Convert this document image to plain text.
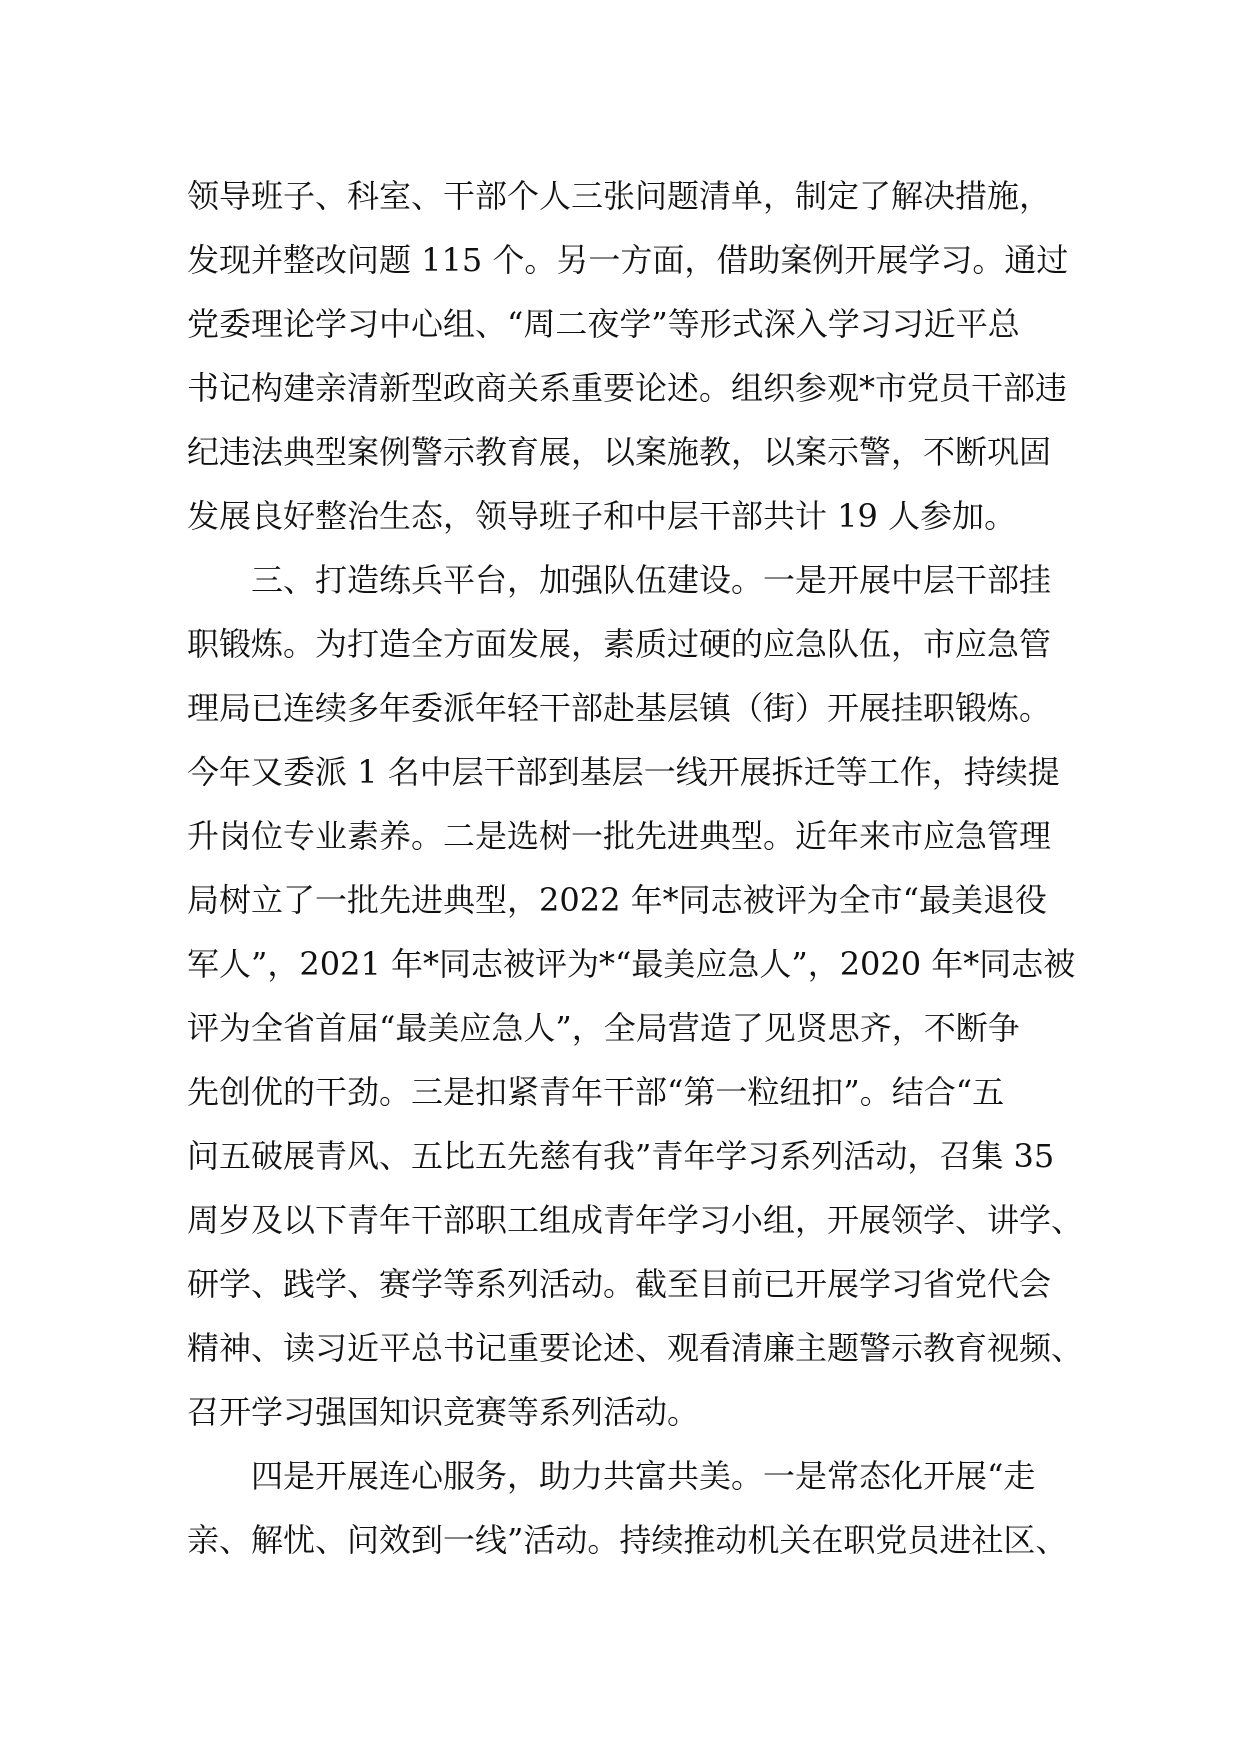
领导班子、科室、干部个人三张问题清单，制定了解决措施，
发现并整改问题 115 个。另一方面，借助案例开展学习。通过
党委理论学习中心组、“周二夜学”等形式深入学习习近平总
书记构建亲清新型政商关系重要论述。组织参观*市党员干部违
纪违法典型案例警示教育展，以案施教，以案示警，不断巩固
发展良好整治生态，领导班子和中层干部共计 19 人参加。
三、打造练兵平台，加强队伍建设。一是开展中层干部挂
职锻炼。为打造全方面发展，素质过硬的应急队伍，市应急管
理局已连续多年委派年轻干部赴基层镇（街）开展挂职锻炼。
今年又委派 1 名中层干部到基层一线开展拆迁等工作，持续提
升岗位专业素养。二是选树一批先进典型。近年来市应急管理
局树立了一批先进典型，2022 年*同志被评为全市“最美退役
军人”，2021 年*同志被评为*“最美应急人”，2020 年*同志被
评为全省首届“最美应急人”，全局营造了见贤思齐，不断争
先创优的干劲。三是扣紧青年干部“第一粒纽扣”。结合“五
问五破展青风、五比五先慈有我”青年学习系列活动，召集 35
周岁及以下青年干部职工组成青年学习小组，开展领学、讲学、
研学、践学、赛学等系列活动。截至目前已开展学习省党代会
精神、读习近平总书记重要论述、观看清廉主题警示教育视频、
召开学习强国知识竞赛等系列活动。
四是开展连心服务，助力共富共美。一是常态化开展“走
亲、解忧、问效到一线”活动。持续推动机关在职党员进社区、
